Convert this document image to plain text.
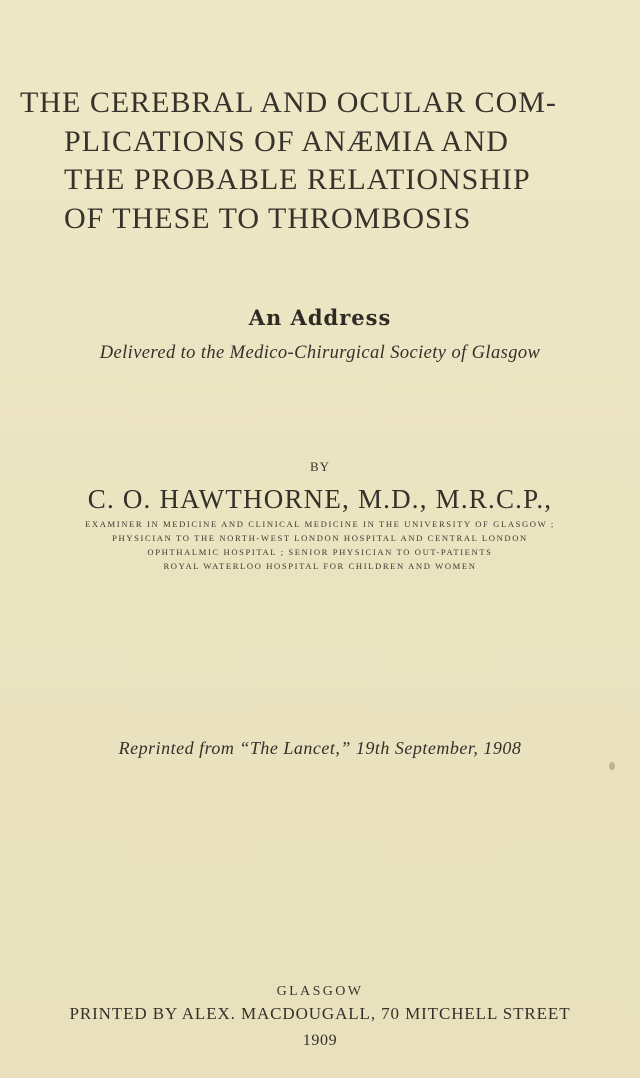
THE CEREBRAL AND OCULAR COM-
PLICATIONS OF ANÆMIA AND
THE PROBABLE RELATIONSHIP
OF THESE TO THROMBOSIS
An Address
Delivered to the Medico-Chirurgical Society of Glasgow
BY
C. O. HAWTHORNE, M.D., M.R.C.P.,
EXAMINER IN MEDICINE AND CLINICAL MEDICINE IN THE UNIVERSITY OF GLASGOW ;
PHYSICIAN TO THE NORTH-WEST LONDON HOSPITAL AND CENTRAL LONDON
OPHTHALMIC HOSPITAL ; SENIOR PHYSICIAN TO OUT-PATIENTS
ROYAL WATERLOO HOSPITAL FOR CHILDREN AND WOMEN
Reprinted from “The Lancet,” 19th September, 1908
GLASGOW
PRINTED BY ALEX. MACDOUGALL, 70 MITCHELL STREET
1909
